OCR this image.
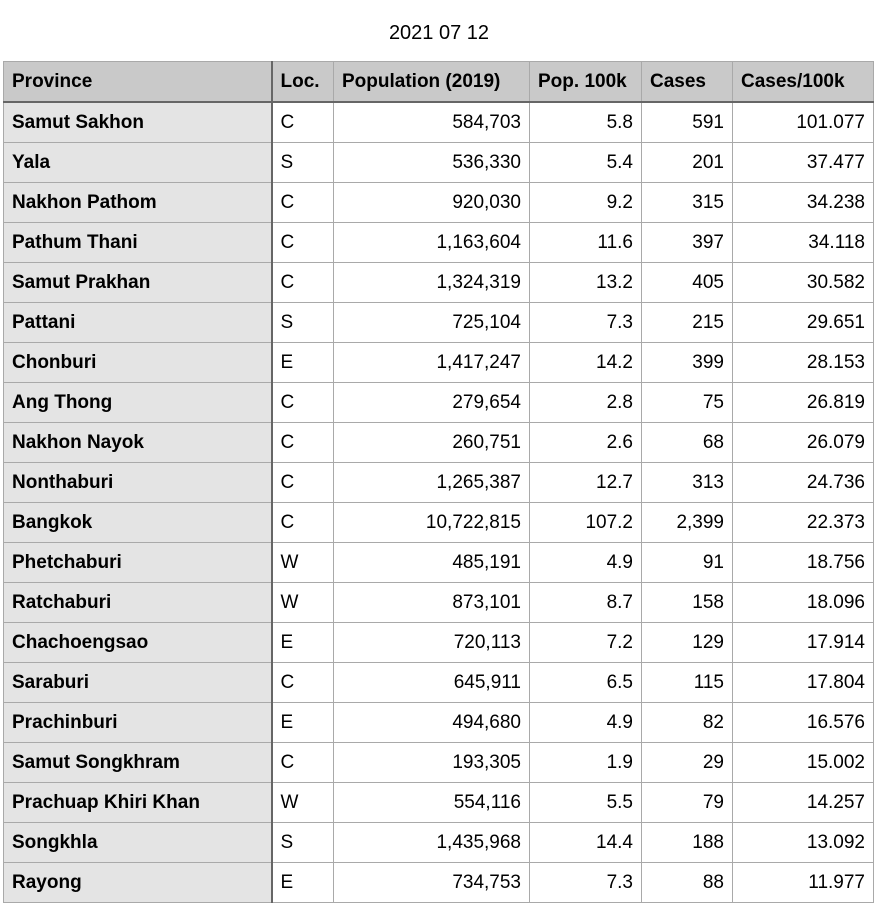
2021 07 12
Province	Loc.	Population (2019)	Pop. 100k	Cases	Cases/100k
Samut Sakhon	C	584,703	5.8	591	101.077
Yala	S	536,330	5.4	201	37.477
Nakhon Pathom	C	920,030	9.2	315	34.238
Pathum Thani	C	1,163,604	11.6	397	34.118
Samut Prakhan	C	1,324,319	13.2	405	30.582
Pattani	S	725,104	7.3	215	29.651
Chonburi	E	1,417,247	14.2	399	28.153
Ang Thong	C	279,654	2.8	75	26.819
Nakhon Nayok	C	260,751	2.6	68	26.079
Nonthaburi	C	1,265,387	12.7	313	24.736
Bangkok	C	10,722,815	107.2	2,399	22.373
Phetchaburi	W	485,191	4.9	91	18.756
Ratchaburi	W	873,101	8.7	158	18.096
Chachoengsao	E	720,113	7.2	129	17.914
Saraburi	C	645,911	6.5	115	17.804
Prachinburi	E	494,680	4.9	82	16.576
Samut Songkhram	C	193,305	1.9	29	15.002
Prachuap Khiri Khan	W	554,116	5.5	79	14.257
Songkhla	S	1,435,968	14.4	188	13.092
Rayong	E	734,753	7.3	88	11.977
